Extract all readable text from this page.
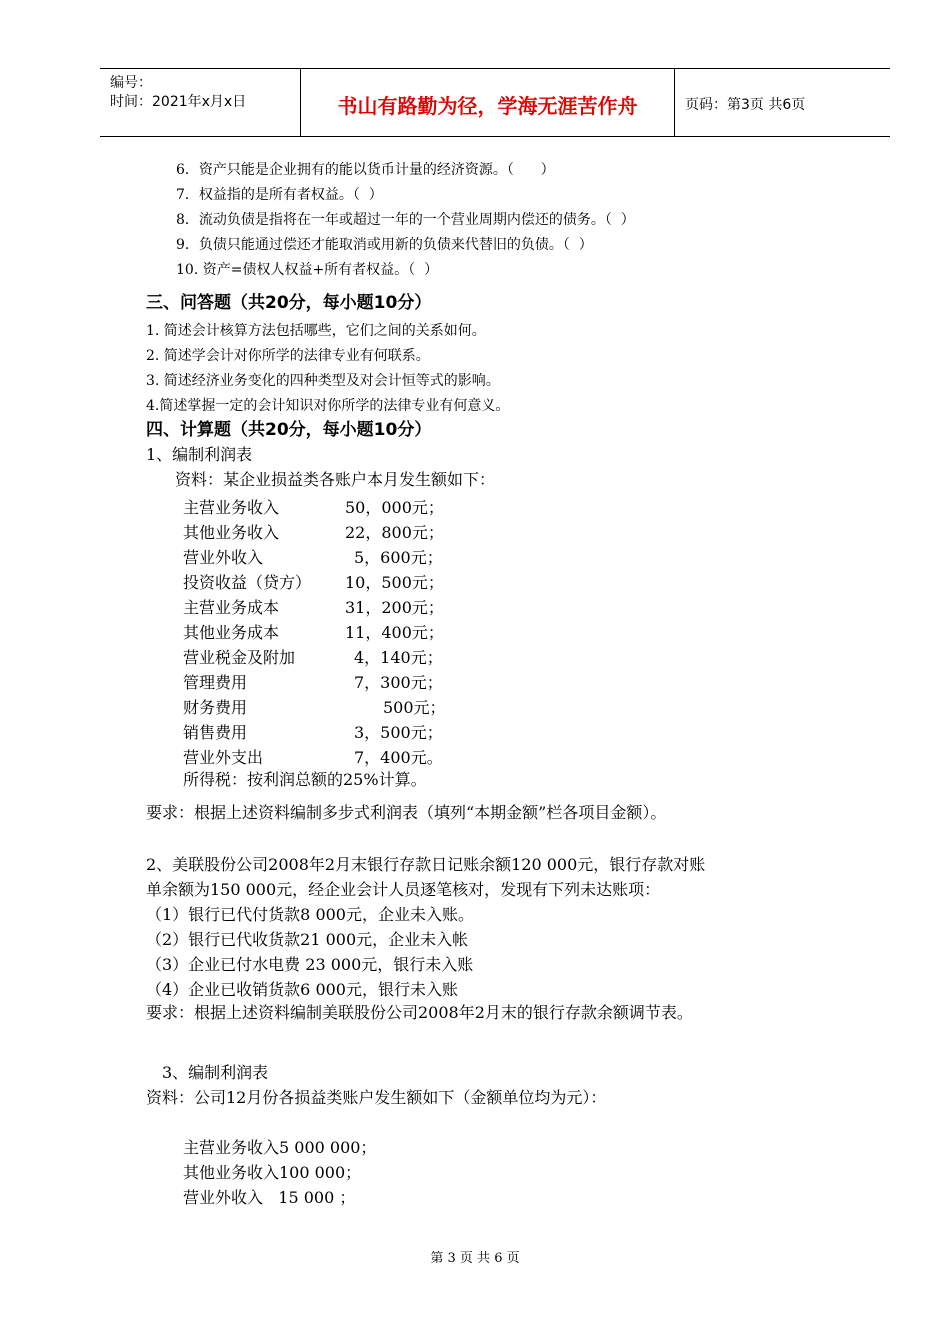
编号：
时间：2021年x月x日	书山有路勤为径，学海无涯苦作舟	页码：第3页 共6页
6．资产只能是企业拥有的能以货币计量的经济资源。（      ）
7．权益指的是所有者权益。（  ）
8．流动负债是指将在一年或超过一年的一个营业周期内偿还的债务。（  ）
9．负债只能通过偿还才能取消或用新的负债来代替旧的负债。（  ）
10. 资产=债权人权益+所有者权益。（  ）
三、问答题（共20分，每小题10分）
1. 简述会计核算方法包括哪些，它们之间的关系如何。
2. 简述学会计对你所学的法律专业有何联系。
3. 简述经济业务变化的四种类型及对会计恒等式的影响。
4.简述掌握一定的会计知识对你所学的法律专业有何意义。
四、计算题（共20分，每小题10分）
1、编制利润表
资料：某企业损益类各账户本月发生额如下：
主营业务收入	50，000元；
其他业务收入	22，800元；
营业外收入	5，600元；
投资收益（贷方） 10，500元；
主营业务成本	31，200元；
其他业务成本	11，400元；
营业税金及附加	4，140元；
管理费用	7，300元；
财务费用	500元；
销售费用	3，500元；
营业外支出	7，400元。
所得税：按利润总额的25%计算。
要求：根据上述资料编制多步式利润表（填列“本期金额”栏各项目金额）。
2、美联股份公司2008年2月末银行存款日记账余额120 000元，银行存款对账
单余额为150 000元，经企业会计人员逐笔核对，发现有下列未达账项：
（1）银行已代付货款8 000元，企业未入账。
（2）银行已代收货款21 000元，企业未入帐
（3）企业已付水电费 23 000元，银行未入账
（4）企业已收销货款6 000元，银行未入账
要求：根据上述资料编制美联股份公司2008年2月末的银行存款余额调节表。
3、编制利润表
资料：公司12月份各损益类账户发生额如下（金额单位均为元）：
主营业务收入5 000 000；
其他业务收入100 000；
营业外收入   15 000 ；
第 3 页 共 6 页
